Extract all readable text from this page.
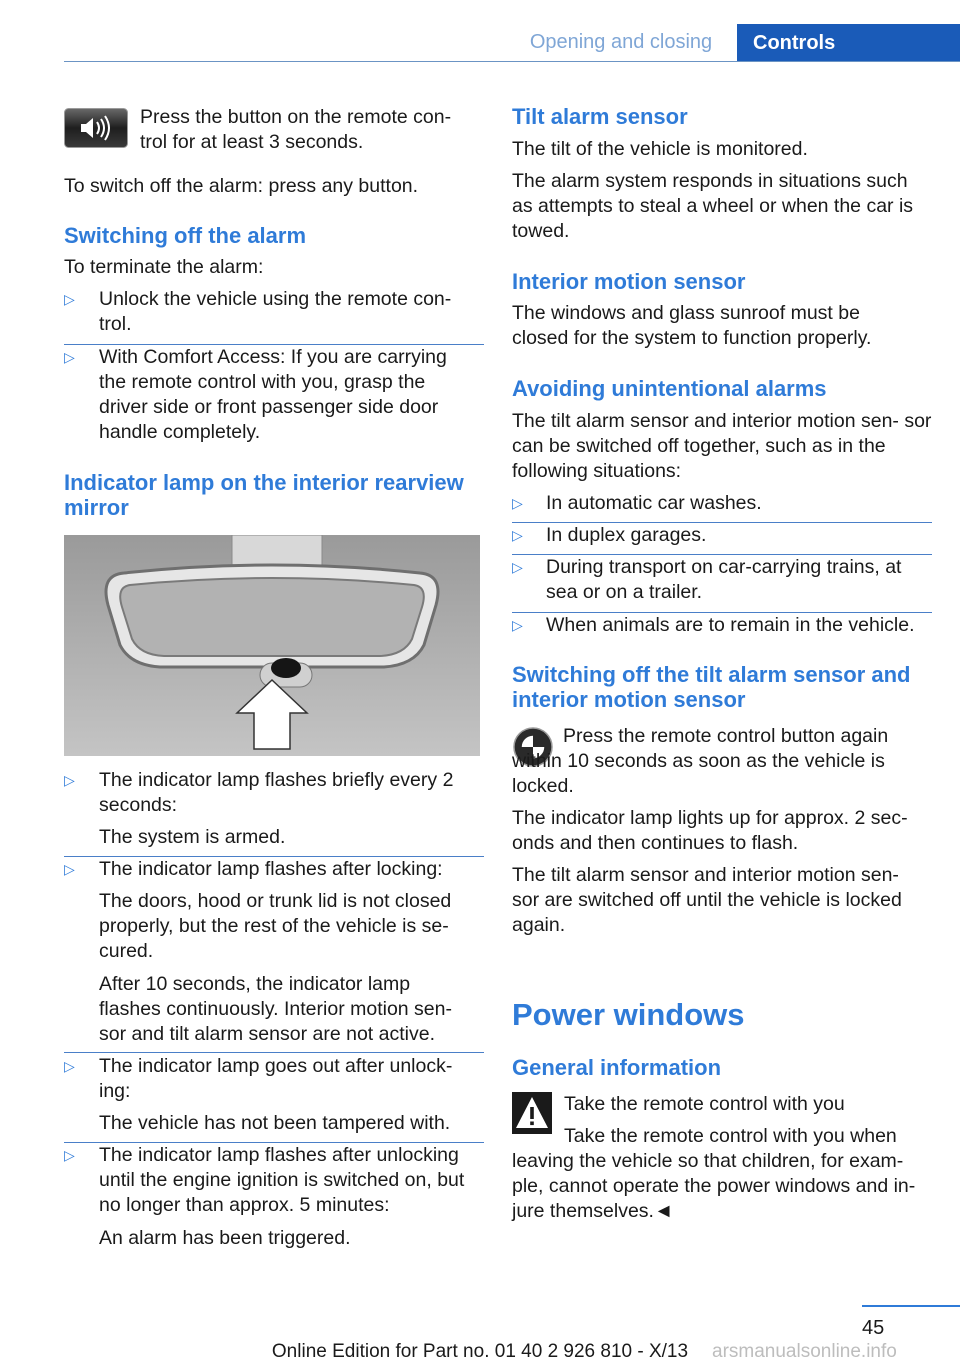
Opening and closing	Controls

Press the button on the remote con‐ trol for at least 3 seconds.

To switch off the alarm: press any button.

Switching off the alarm

To terminate the alarm:

▷ Unlock the vehicle using the remote con‐ trol.

▷ With Comfort Access: If you are carrying the remote control with you, grasp the driver side or front passenger side door handle completely.

Indicator lamp on the interior rearview mirror
▷ The indicator lamp flashes briefly every 2 seconds:

The system is armed.

▷ The indicator lamp flashes after locking:

The doors, hood or trunk lid is not closed properly, but the rest of the vehicle is se‐ cured.

After 10 seconds, the indicator lamp flashes continuously. Interior motion sen‐ sor and tilt alarm sensor are not active.

▷ The indicator lamp goes out after unlock‐ ing:

The vehicle has not been tampered with.

▷ The indicator lamp flashes after unlocking until the engine ignition is switched on, but no longer than approx. 5 minutes:

An alarm has been triggered.

Tilt alarm sensor

The tilt of the vehicle is monitored.

The alarm system responds in situations such as attempts to steal a wheel or when the car is towed.

Interior motion sensor

The windows and glass sunroof must be closed for the system to function properly.

Avoiding unintentional alarms

The tilt alarm sensor and interior motion sen‐ sor can be switched off together, such as in the following situations:

▷ In automatic car washes.

▷ In duplex garages.

▷ During transport on car-carrying trains, at sea or on a trailer.

▷ When animals are to remain in the vehicle.

Switching off the tilt alarm sensor and interior motion sensor

Press the remote control button again within 10 seconds as soon as the vehicle is locked.

The indicator lamp lights up for approx. 2 sec‐ onds and then continues to flash.

The tilt alarm sensor and interior motion sen‐ sor are switched off until the vehicle is locked again.

Power windows
General information

Take the remote control with you

Take the remote control with you when leaving the vehicle so that children, for exam‐ ple, cannot operate the power windows and in‐ jure themselves.◄

45
Online Edition for Part no. 01 40 2 926 810 - X/13	arsmanualsonline.info
